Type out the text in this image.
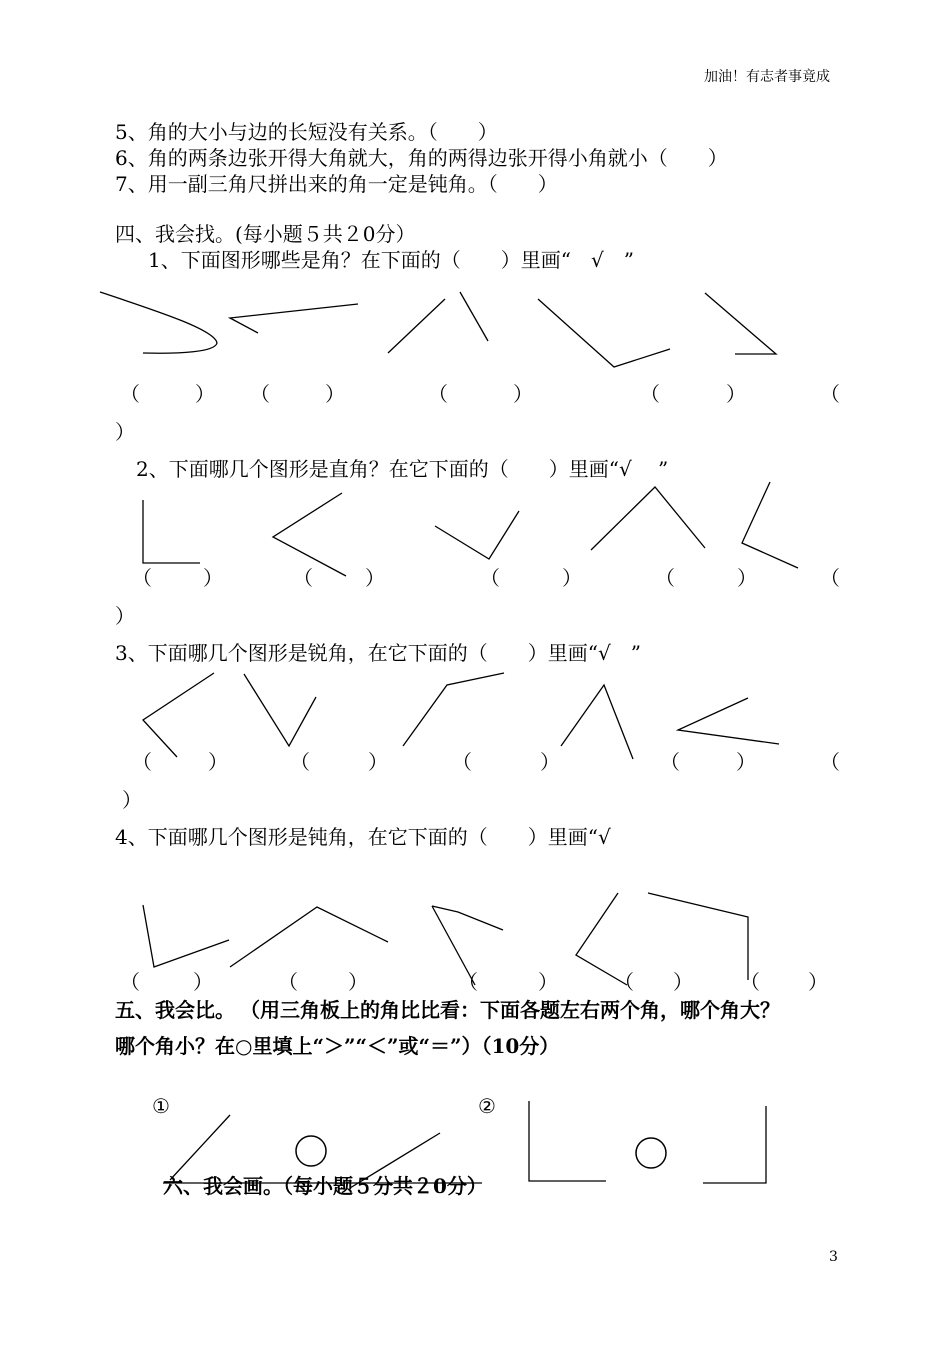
加油！有志者事竟成
5、角的大小与边的长短没有关系。（　　）
6、角的两条边张开得大角就大，角的两得边张开得小角就小（　　）
7、用一副三角尺拼出来的角一定是钝角。（　　）
四、我会找。(每小题５共２0分）
1、下面图形哪些是角？在下面的（　　）里画“　√　”
（	） （	）	（	）	（	）	（
）
2、下面哪几个图形是直角？在它下面的（　　）里画“√　 ”
（	）	（	）	（	）	（	）	（
）
3、下面哪几个图形是锐角，在它下面的（　　）里画“√　”
（	）	（	）	（	）	（	）	（
）
4、下面哪几个图形是钝角，在它下面的（　　）里画“√
（	）	（	）	（	）	（ ） （ ）
五、我会比。 （用三角板上的角比比看：下面各题左右两个角，哪个角大？
哪个角小？在○里填上“＞”“＜”或“＝”）（10分）
①	②
六、我会画。（每小题５分共２0分）
3
